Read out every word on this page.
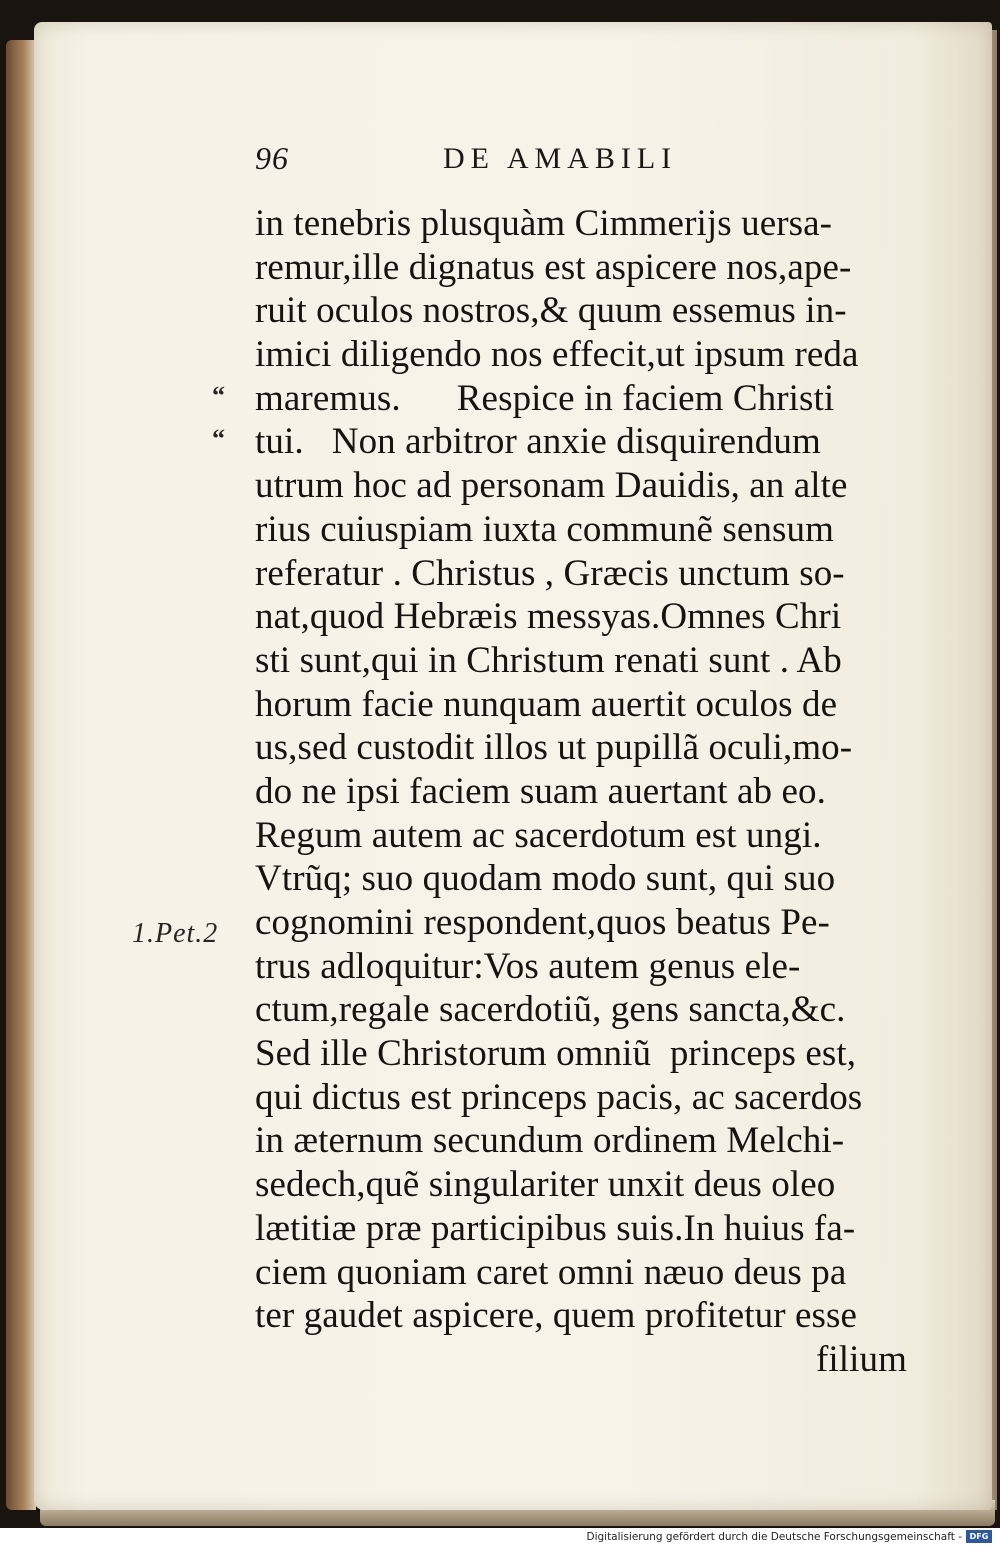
96	DE AMABILI
“
“
1.Pet.2
in tenebris plusquàm Cimmerijs uersa-
remur,ille dignatus est aspicere nos,ape-
ruit oculos nostros,& quum essemus in-
imici diligendo nos effecit,ut ipsum reda
maremus.      Respice in faciem Christi
tui.   Non arbitror anxie disquirendum
utrum hoc ad personam Dauidis, an alte
rius cuiuspiam iuxta communẽ sensum
referatur . Christus , Græcis unctum so-
nat,quod Hebræis messyas.Omnes Chri
sti sunt,qui in Christum renati sunt . Ab
horum facie nunquam auertit oculos de
us,sed custodit illos ut pupillã oculi,mo-
do ne ipsi faciem suam auertant ab eo.
Regum autem ac sacerdotum est ungi.
Vtrũq; suo quodam modo sunt, qui suo
cognomini respondent,quos beatus Pe-
trus adloquitur:Vos autem genus ele-
ctum,regale sacerdotiũ, gens sancta,&c.
Sed ille Christorum omniũ  princeps est,
qui dictus est princeps pacis, ac sacerdos
in æternum secundum ordinem Melchi-
sedech,quẽ singulariter unxit deus oleo
lætitiæ præ participibus suis.In huius fa-
ciem quoniam caret omni næuo deus pa
ter gaudet aspicere, quem profitetur esse
filium
Digitalisierung gefördert durch die Deutsche Forschungsgemeinschaft - DFG
